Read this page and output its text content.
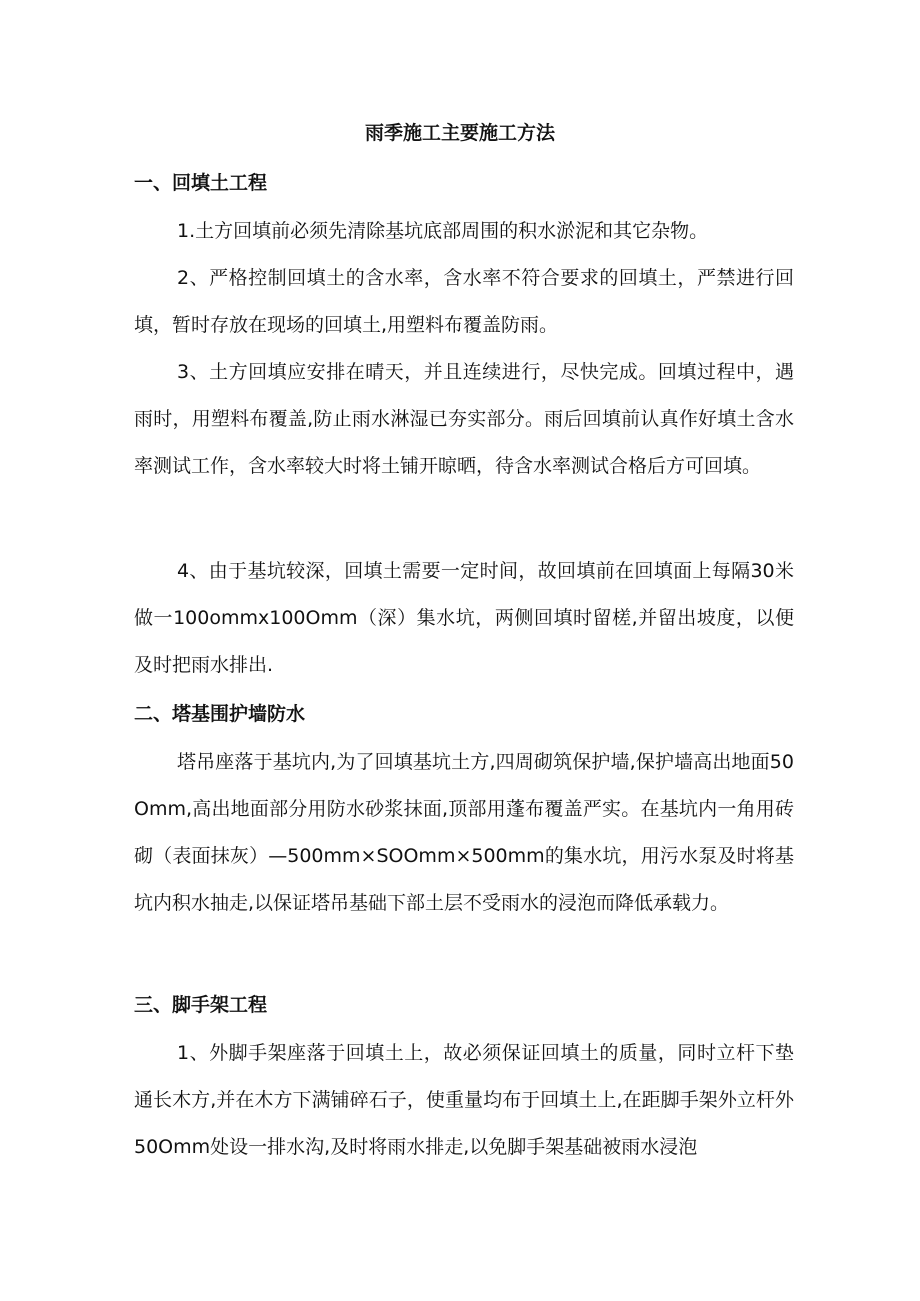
雨季施工主要施工方法
一、回填土工程

1.土方回填前必须先清除基坑底部周围的积水淤泥和其它杂物。

2、严格控制回填土的含水率，含水率不符合要求的回填土，严禁进行回填，暂时存放在现场的回填土,用塑料布覆盖防雨。

3、土方回填应安排在晴天，并且连续进行，尽快完成。回填过程中，遇雨时，用塑料布覆盖,防止雨水淋湿已夯实部分。雨后回填前认真作好填土含水率测试工作，含水率较大时将土铺开晾晒，待含水率测试合格后方可回填。

4、由于基坑较深，回填土需要一定时间，故回填前在回填面上每隔30米做一100ommx100Omm（深）集水坑，两侧回填时留槎,并留出坡度，以便及时把雨水排出.

二、塔基围护墙防水

塔吊座落于基坑内,为了回填基坑土方,四周砌筑保护墙,保护墙高出地面50Omm,高出地面部分用防水砂浆抹面,顶部用蓬布覆盖严实。在基坑内一角用砖砌（表面抹灰）—500mm×SOOmm×500mm的集水坑，用污水泵及时将基坑内积水抽走,以保证塔吊基础下部土层不受雨水的浸泡而降低承载力。

三、脚手架工程

1、外脚手架座落于回填土上，故必须保证回填土的质量，同时立杆下垫通长木方,并在木方下满铺碎石子，使重量均布于回填土上,在距脚手架外立杆外50Omm处设一排水沟,及时将雨水排走,以免脚手架基础被雨水浸泡
